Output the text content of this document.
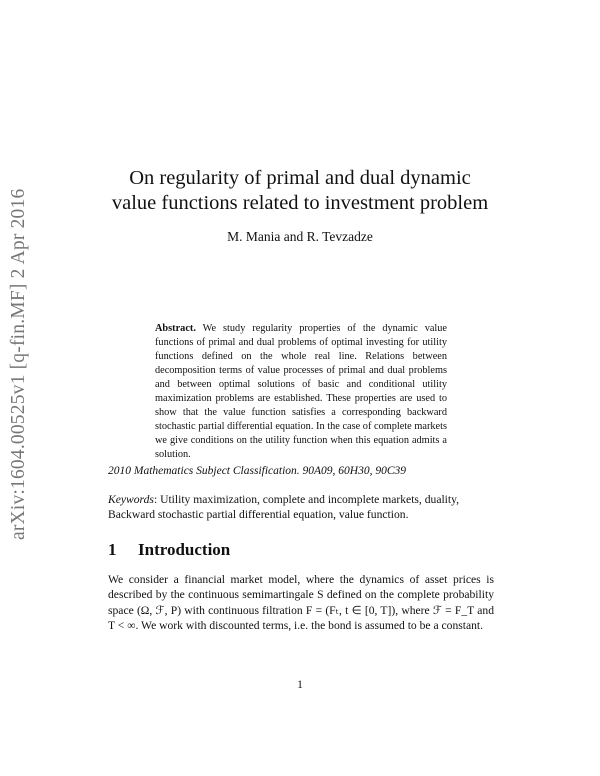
arXiv:1604.00525v1 [q-fin.MF] 2 Apr 2016
On regularity of primal and dual dynamic
value functions related to investment problem
M. Mania and R. Tevzadze
Abstract. We study regularity properties of the dynamic value functions of primal and dual problems of optimal investing for utility functions defined on the whole real line. Relations between decomposition terms of value processes of primal and dual problems and between optimal solutions of basic and conditional utility maximization problems are established. These properties are used to show that the value function satisfies a corresponding backward stochastic partial differential equation. In the case of complete markets we give conditions on the utility function when this equation admits a solution.
2010 Mathematics Subject Classification. 90A09, 60H30, 90C39
Keywords: Utility maximization, complete and incomplete markets, duality, Backward stochastic partial differential equation, value function.
1 Introduction
We consider a financial market model, where the dynamics of asset prices is described by the continuous semimartingale S defined on the complete probability space (Ω, ℱ, P) with continuous filtration F = (Fₜ, t ∈ [0, T]), where ℱ = F_T and T < ∞. We work with discounted terms, i.e. the bond is assumed to be a constant.
1
